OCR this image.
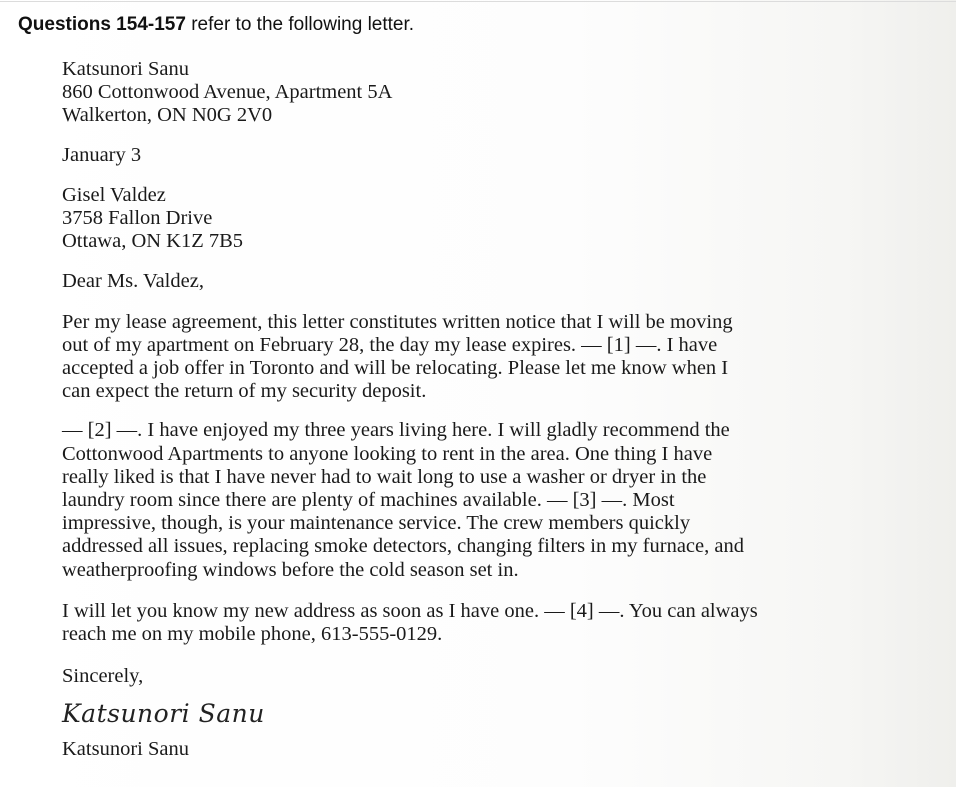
Questions 154-157 refer to the following letter.
Katsunori Sanu
860 Cottonwood Avenue, Apartment 5A
Walkerton, ON N0G 2V0
January 3
Gisel Valdez
3758 Fallon Drive
Ottawa, ON K1Z 7B5
Dear Ms. Valdez,
Per my lease agreement, this letter constitutes written notice that I will be moving
out of my apartment on February 28, the day my lease expires. — [1] —. I have
accepted a job offer in Toronto and will be relocating. Please let me know when I
can expect the return of my security deposit.
— [2] —. I have enjoyed my three years living here. I will gladly recommend the
Cottonwood Apartments to anyone looking to rent in the area. One thing I have
really liked is that I have never had to wait long to use a washer or dryer in the
laundry room since there are plenty of machines available. — [3] —. Most
impressive, though, is your maintenance service. The crew members quickly
addressed all issues, replacing smoke detectors, changing filters in my furnace, and
weatherproofing windows before the cold season set in.
I will let you know my new address as soon as I have one. — [4] —. You can always
reach me on my mobile phone, 613-555-0129.
Sincerely,
Katsunori Sanu
Katsunori Sanu
